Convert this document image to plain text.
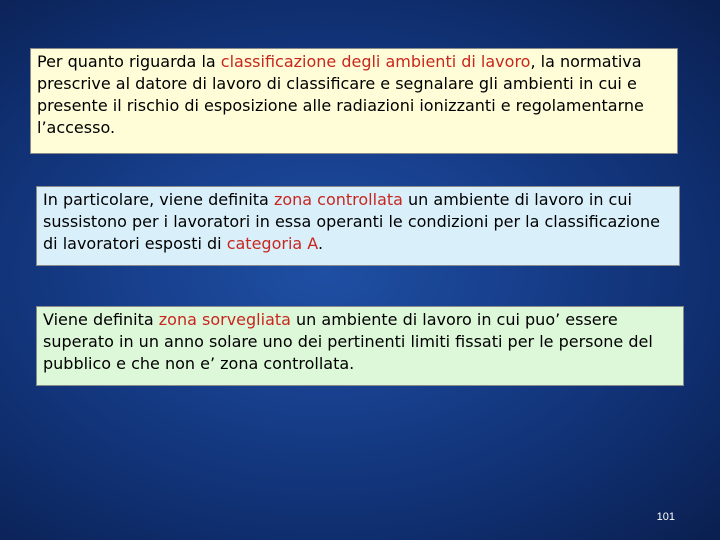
Per quanto riguarda la classificazione degli ambienti di lavoro, la normativa prescrive al datore di lavoro di classificare e segnalare gli ambienti in cui e presente il rischio di esposizione alle radiazioni ionizzanti e regolamentarne l’accesso.
In particolare, viene definita zona controllata un ambiente di lavoro in cui sussistono per i lavoratori in essa operanti le condizioni per la classificazione di lavoratori esposti di categoria A.
Viene definita zona sorvegliata un ambiente di lavoro in cui puo’ essere superato in un anno solare uno dei pertinenti limiti fissati per le persone del pubblico e che non e’ zona controllata.
101
